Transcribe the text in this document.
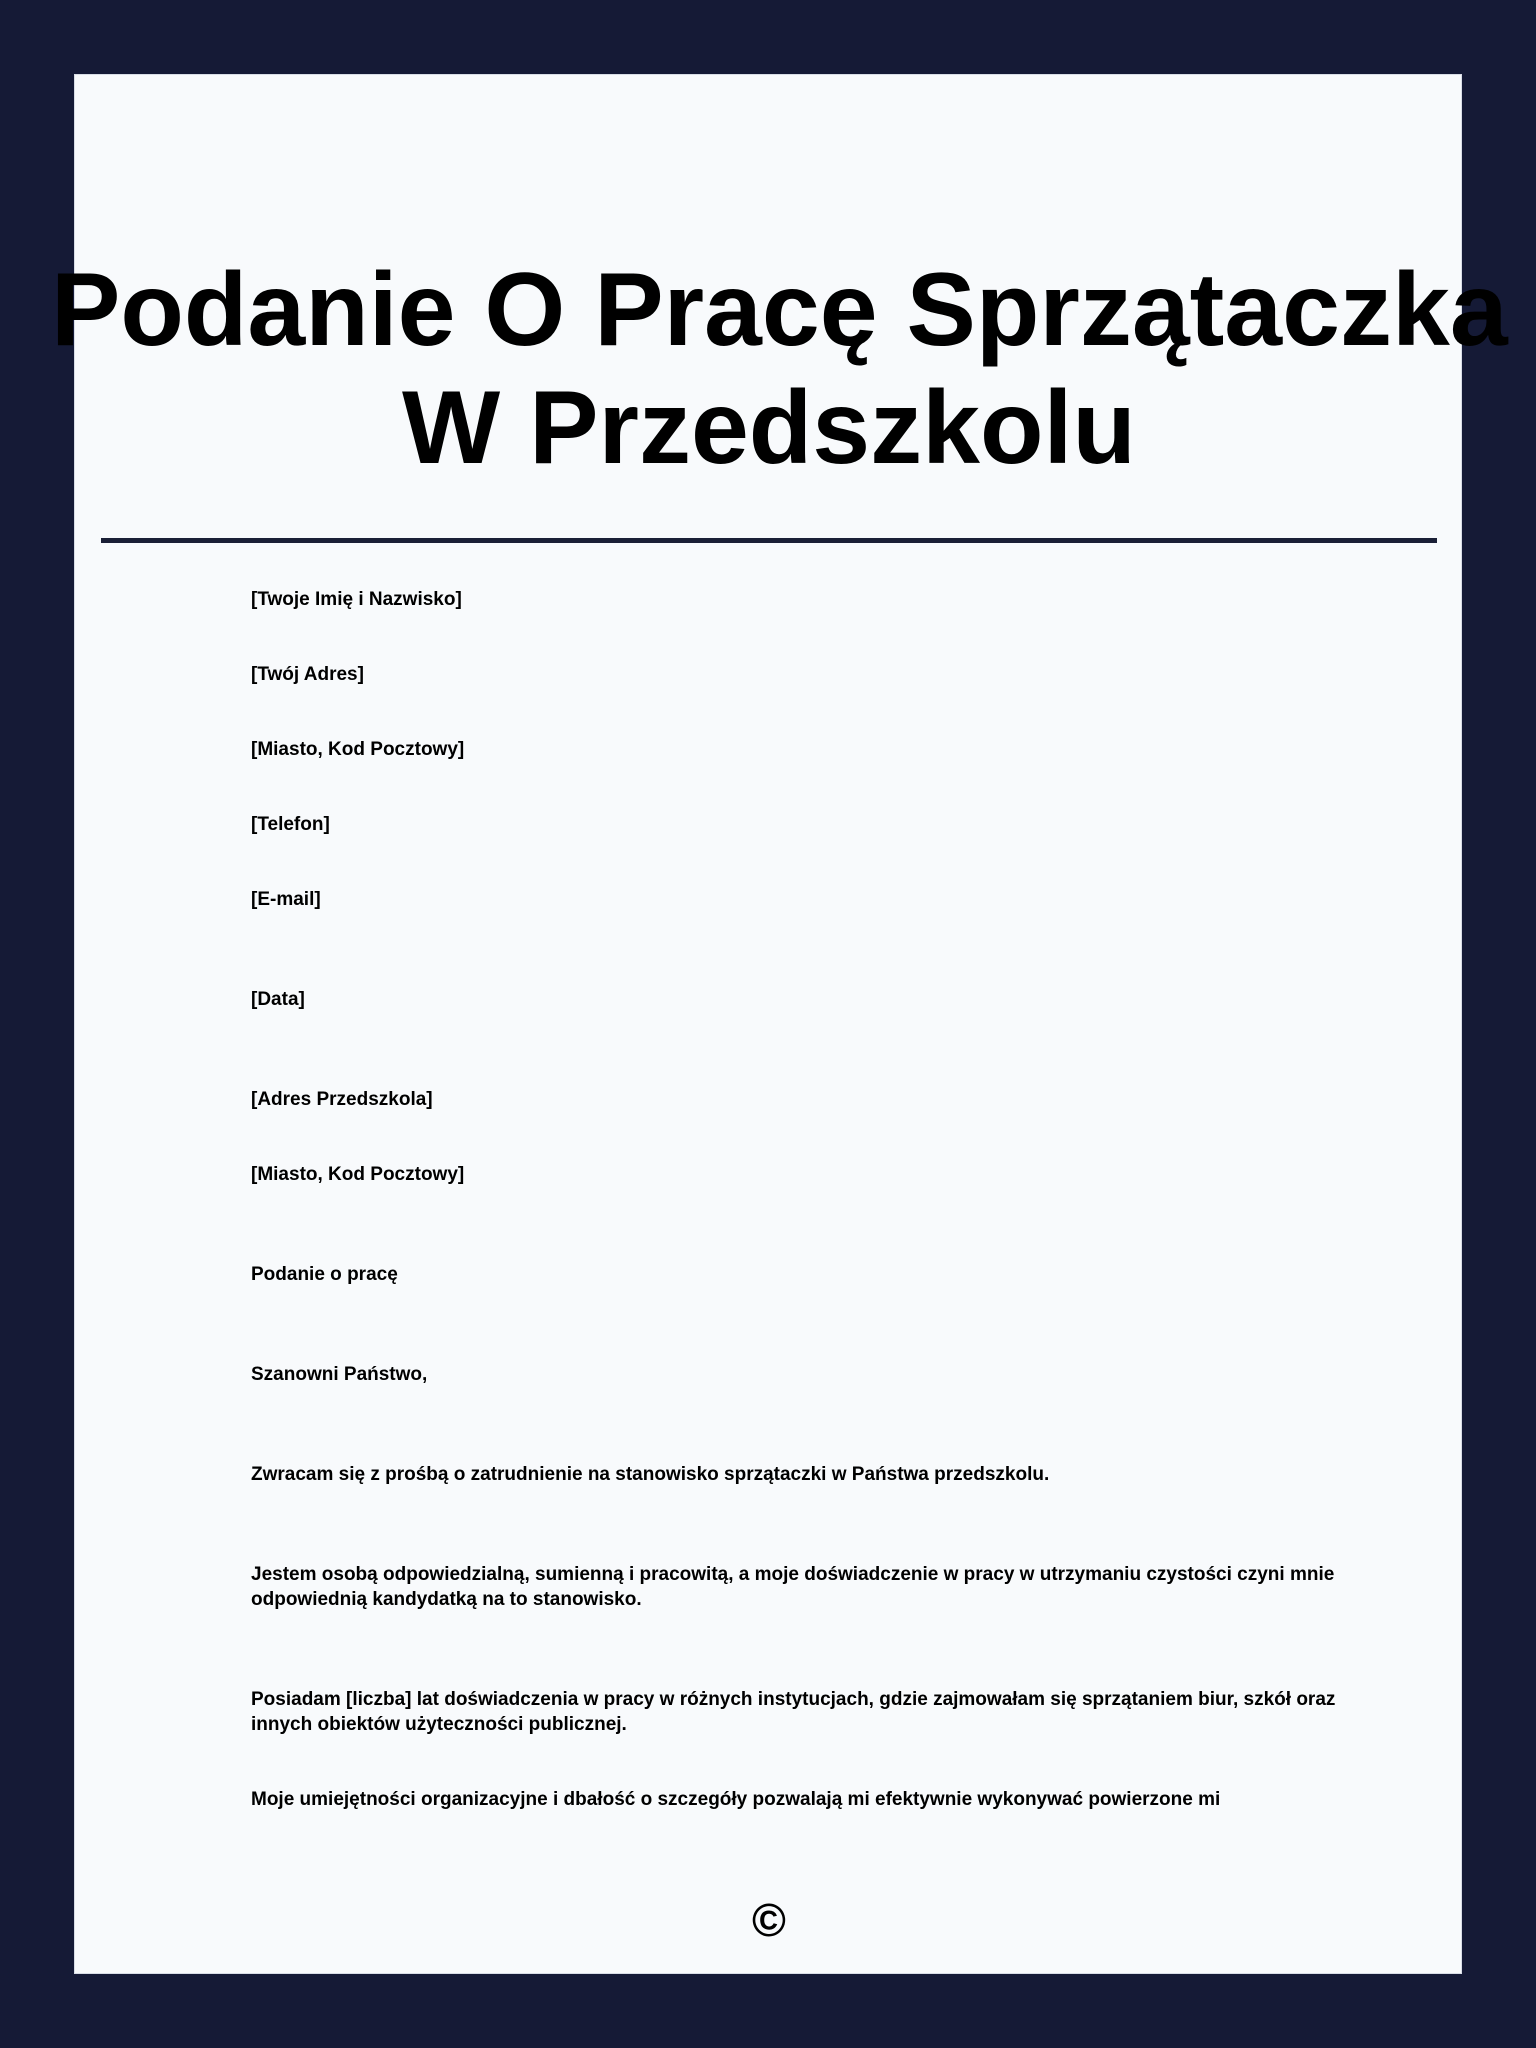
Podanie O Pracę Sprzątaczka
W Przedszkolu
[Twoje Imię i Nazwisko]
[Twój Adres]
[Miasto, Kod Pocztowy]
[Telefon]
[E-mail]
[Data]
[Adres Przedszkola]
[Miasto, Kod Pocztowy]
Podanie o pracę
Szanowni Państwo,
Zwracam się z prośbą o zatrudnienie na stanowisko sprzątaczki w Państwa przedszkolu.
Jestem osobą odpowiedzialną, sumienną i pracowitą, a moje doświadczenie w pracy w utrzymaniu czystości czyni mnie odpowiednią kandydatką na to stanowisko.
Posiadam [liczba] lat doświadczenia w pracy w różnych instytucjach, gdzie zajmowałam się sprzątaniem biur, szkół oraz innych obiektów użyteczności publicznej.
Moje umiejętności organizacyjne i dbałość o szczegóły pozwalają mi efektywnie wykonywać powierzone mi
©
